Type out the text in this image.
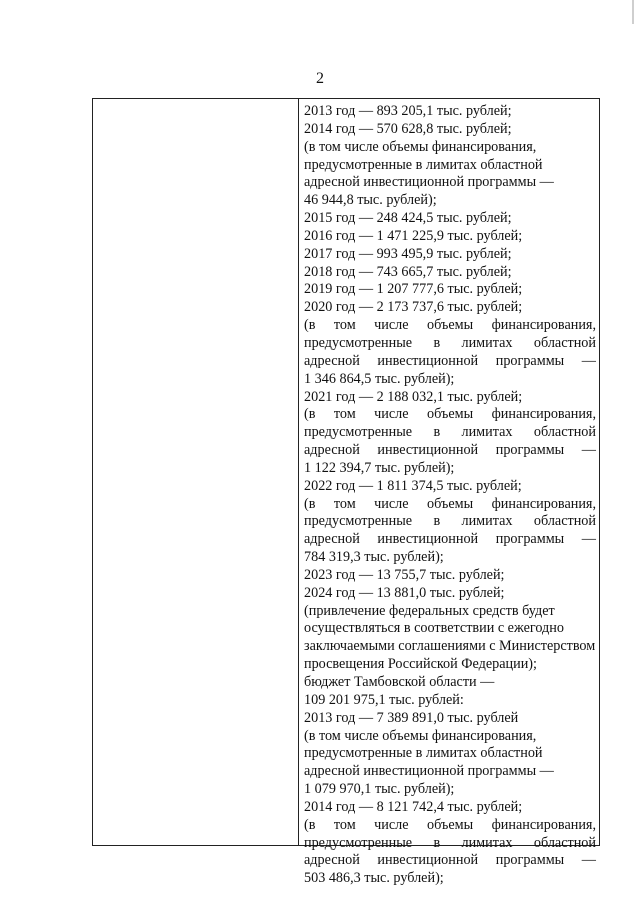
2
2013 год — 893 205,1 тыс. рублей;
2014 год — 570 628,8 тыс. рублей;
(в том числе объемы финансирования,
предусмотренные в лимитах областной
адресной инвестиционной программы —
46 944,8 тыс. рублей);
2015 год — 248 424,5 тыс. рублей;
2016 год — 1 471 225,9 тыс. рублей;
2017 год — 993 495,9 тыс. рублей;
2018 год — 743 665,7 тыс. рублей;
2019 год — 1 207 777,6 тыс. рублей;
2020 год — 2 173 737,6 тыс. рублей;
(в том числе объемы финансирования,
предусмотренные в лимитах областной
адресной инвестиционной программы —
1 346 864,5 тыс. рублей);
2021 год — 2 188 032,1 тыс. рублей;
(в том числе объемы финансирования,
предусмотренные в лимитах областной
адресной инвестиционной программы —
1 122 394,7 тыс. рублей);
2022 год — 1 811 374,5 тыс. рублей;
(в том числе объемы финансирования,
предусмотренные в лимитах областной
адресной инвестиционной программы —
784 319,3 тыс. рублей);
2023 год — 13 755,7 тыс. рублей;
2024 год — 13 881,0 тыс. рублей;
(привлечение федеральных средств будет
осуществляться в соответствии с ежегодно
заключаемыми соглашениями с Министерством
просвещения Российской Федерации);
бюджет Тамбовской области —
109 201 975,1 тыс. рублей:
2013 год — 7 389 891,0 тыс. рублей
(в том числе объемы финансирования,
предусмотренные в лимитах областной
адресной инвестиционной программы —
1 079 970,1 тыс. рублей);
2014 год — 8 121 742,4 тыс. рублей;
(в том числе объемы финансирования,
предусмотренные в лимитах областной
адресной инвестиционной программы —
503 486,3 тыс. рублей);
